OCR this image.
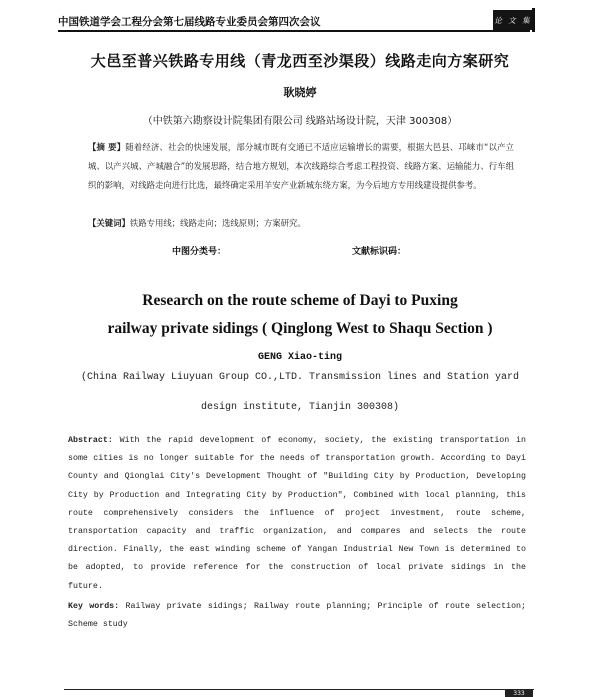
中国铁道学会工程分会第七届线路专业委员会第四次会议	论 文 集
大邑至普兴铁路专用线（青龙西至沙渠段）线路走向方案研究
耿晓婷
（中铁第六勘察设计院集团有限公司 线路站场设计院，天津 300308）
【摘 要】随着经济、社会的快速发展，部分城市既有交通已不适应运输增长的需要，根据大邑县、邛崃市“以产立城、以产兴城、产城融合”的发展思路，结合地方规划，本次线路综合考虑工程投资、线路方案、运输能力、行车组织的影响，对线路走向进行比选，最终确定采用羊安产业新城东绕方案，为今后地方专用线建设提供参考。
【关键词】铁路专用线；线路走向；选线原则；方案研究。
中图分类号：	文献标识码：
Research on the route scheme of Dayi to Puxing
railway private sidings ( Qinglong West to Shaqu Section )
GENG Xiao-ting
(China Railway Liuyuan Group CO.,LTD. Transmission lines and Station yard
design institute, Tianjin 300308)
Abstract: With the rapid development of economy, society, the existing transportation in some cities is no longer suitable for the needs of transportation growth. According to Dayi County and Qionglai City's Development Thought of "Building City by Production, Developing City by Production and Integrating City by Production", Combined with local planning, this route comprehensively considers the influence of project investment, route scheme, transportation capacity and traffic organization, and compares and selects the route direction. Finally, the east winding scheme of Yangan Industrial New Town is determined to be adopted, to provide reference for the construction of local private sidings in the future.
Key words: Railway private sidings; Railway route planning; Principle of route selection; Scheme study
333
